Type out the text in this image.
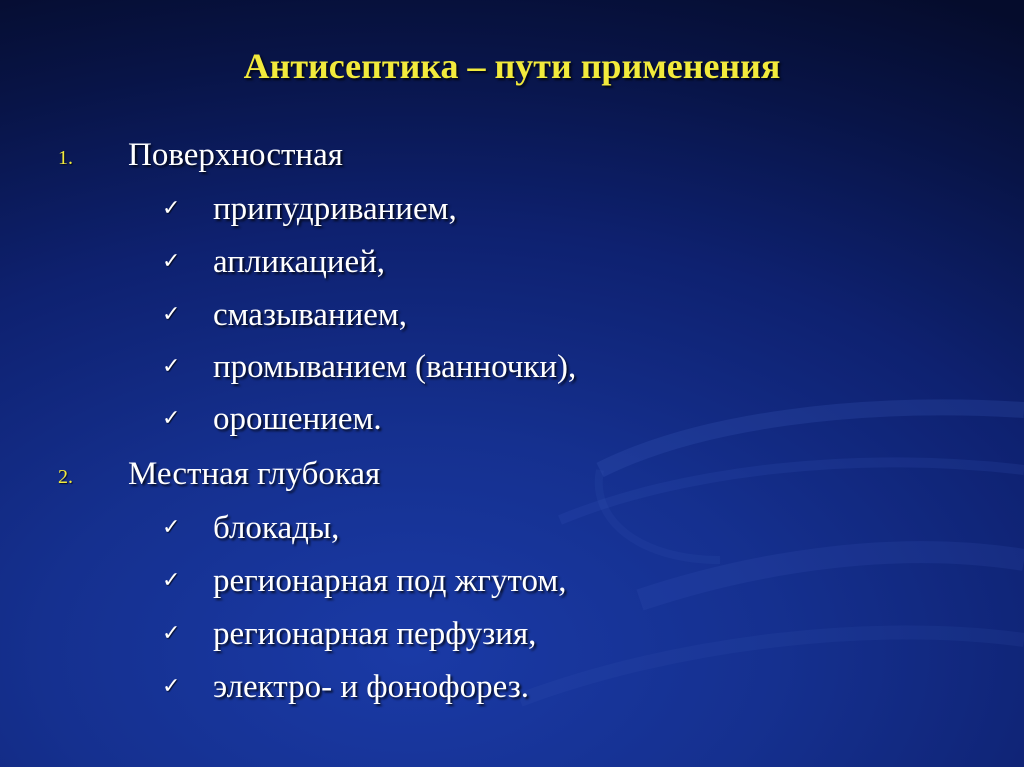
Антисептика – пути применения
1. Поверхностная
✓ припудриванием,
✓ апликацией,
✓ смазыванием,
✓ промыванием (ванночки),
✓ орошением.
2. Местная глубокая
✓ блокады,
✓ регионарная под жгутом,
✓ регионарная перфузия,
✓ электро- и фонофорез.
